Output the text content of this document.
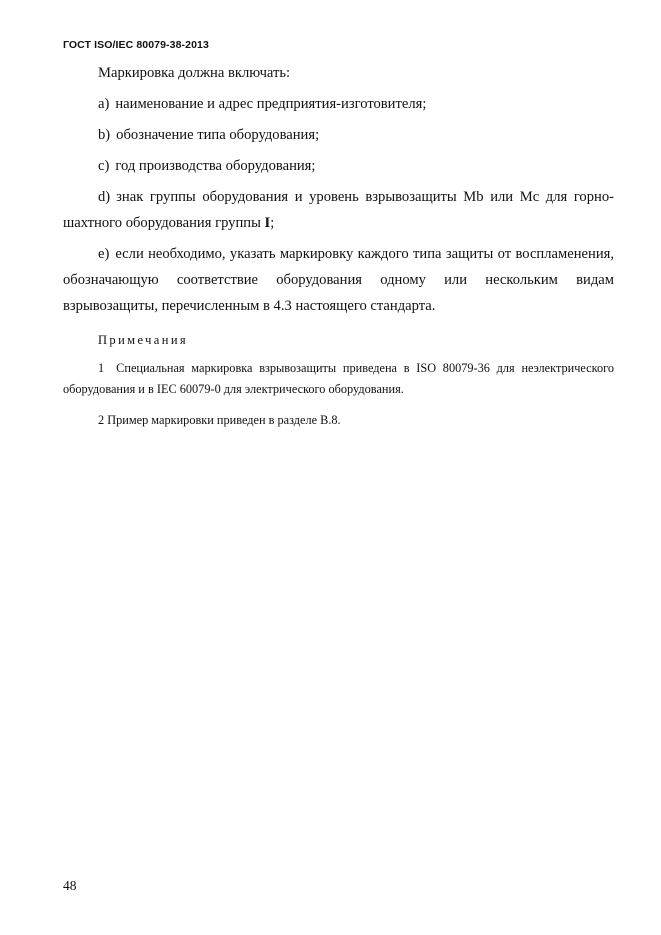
ГОСТ ISO/IEC 80079-38-2013

Маркировка должна включать:

a) наименование и адрес предприятия-изготовителя;

b) обозначение типа оборудования;

c) год производства оборудования;

d) знак группы оборудования и уровень взрывозащиты Mb или Mc для горно-шахтного оборудования группы I;

e) если необходимо, указать маркировку каждого типа защиты от воспламенения, обозначающую соответствие оборудования одному или нескольким видам взрывозащиты, перечисленным в 4.3 настоящего стандарта.

Примечания

1 Специальная маркировка взрывозащиты приведена в ISO 80079-36 для неэлектрического оборудования и в IEC 60079-0 для электрического оборудования.

2 Пример маркировки приведен в разделе B.8.

48
